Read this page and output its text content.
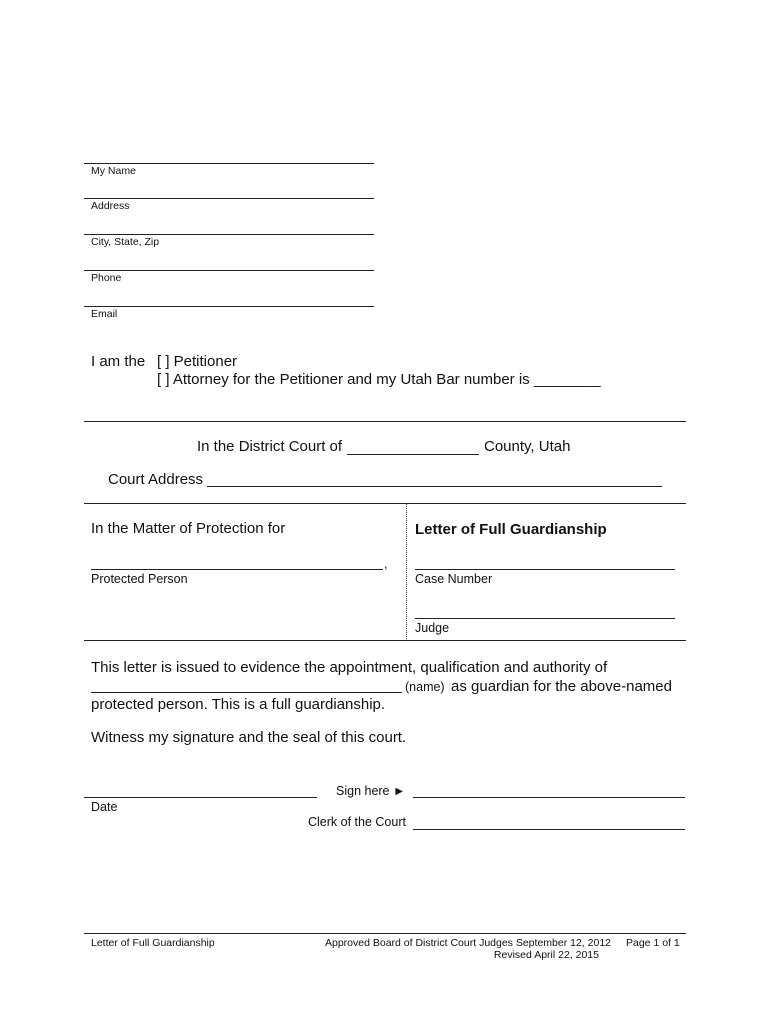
My Name
Address
City, State, Zip
Phone
Email
I am the [ ] Petitioner
[ ] Attorney for the Petitioner and my Utah Bar number is ________
In the District Court of	County, Utah
Court Address
In the Matter of Protection for
,
Protected Person
Letter of Full Guardianship
Case Number
Judge
This letter is issued to evidence the appointment, qualification and authority of
(name) as guardian for the above-named
protected person. This is a full guardianship.
Witness my signature and the seal of this court.
Sign here ►
Date
Clerk of the Court
Letter of Full Guardianship	Approved Board of District Court Judges September 12, 2012
Revised April 22, 2015
Page 1 of 1
